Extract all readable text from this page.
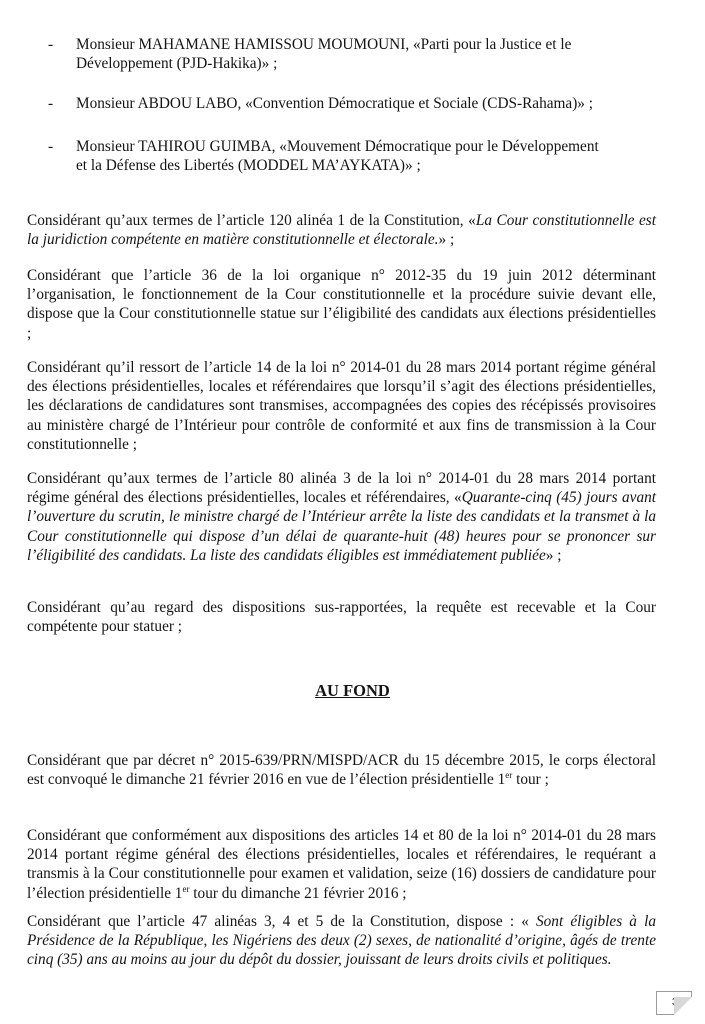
- Monsieur MAHAMANE HAMISSOU MOUMOUNI, «Parti pour la Justice et le
Développement (PJD-Hakika)» ;
- Monsieur ABDOU LABO, «Convention Démocratique et Sociale (CDS-Rahama)» ;
- Monsieur TAHIROU GUIMBA, «Mouvement Démocratique pour le Développement
et la Défense des Libertés (MODDEL MA’AYKATA)» ;

Considérant qu’aux termes de l’article 120 alinéa 1 de la Constitution, «La Cour constitutionnelle est la juridiction compétente en matière constitutionnelle et électorale.» ;

Considérant que l’article 36 de la loi organique n° 2012-35 du 19 juin 2012 déterminant l’organisation, le fonctionnement de la Cour constitutionnelle et la procédure suivie devant elle, dispose que la Cour constitutionnelle statue sur l’éligibilité des candidats aux élections présidentielles ;

Considérant qu’il ressort de l’article 14 de la loi n° 2014-01 du 28 mars 2014 portant régime général des élections présidentielles, locales et référendaires que lorsqu’il s’agit des élections présidentielles, les déclarations de candidatures sont transmises, accompagnées des copies des récépissés provisoires au ministère chargé de l’Intérieur pour contrôle de conformité et aux fins de transmission à la Cour constitutionnelle ;

Considérant qu’aux termes de l’article 80 alinéa 3 de la loi n° 2014-01 du 28 mars 2014 portant régime général des élections présidentielles, locales et référendaires, «Quarante-cinq (45) jours avant l’ouverture du scrutin, le ministre chargé de l’Intérieur arrête la liste des candidats et la transmet à la Cour constitutionnelle qui dispose d’un délai de quarante-huit (48) heures pour se prononcer sur l’éligibilité des candidats. La liste des candidats éligibles est immédiatement publiée» ;

Considérant qu’au regard des dispositions sus-rapportées, la requête est recevable et la Cour compétente pour statuer ;

AU FOND

Considérant que par décret n° 2015-639/PRN/MISPD/ACR du 15 décembre 2015, le corps électoral est convoqué le dimanche 21 février 2016 en vue de l’élection présidentielle 1er tour ;

Considérant que conformément aux dispositions des articles 14 et 80 de la loi n° 2014-01 du 28 mars 2014 portant régime général des élections présidentielles, locales et référendaires, le requérant a transmis à la Cour constitutionnelle pour examen et validation, seize (16) dossiers de candidature pour l’élection présidentielle 1er tour du dimanche 21 février 2016 ;

Considérant que l’article 47 alinéas 3, 4 et 5 de la Constitution, dispose : « Sont éligibles à la Présidence de la République, les Nigériens des deux (2) sexes, de nationalité d’origine, âgés de trente cinq (35) ans au moins au jour du dépôt du dossier, jouissant de leurs droits civils et politiques.

3
